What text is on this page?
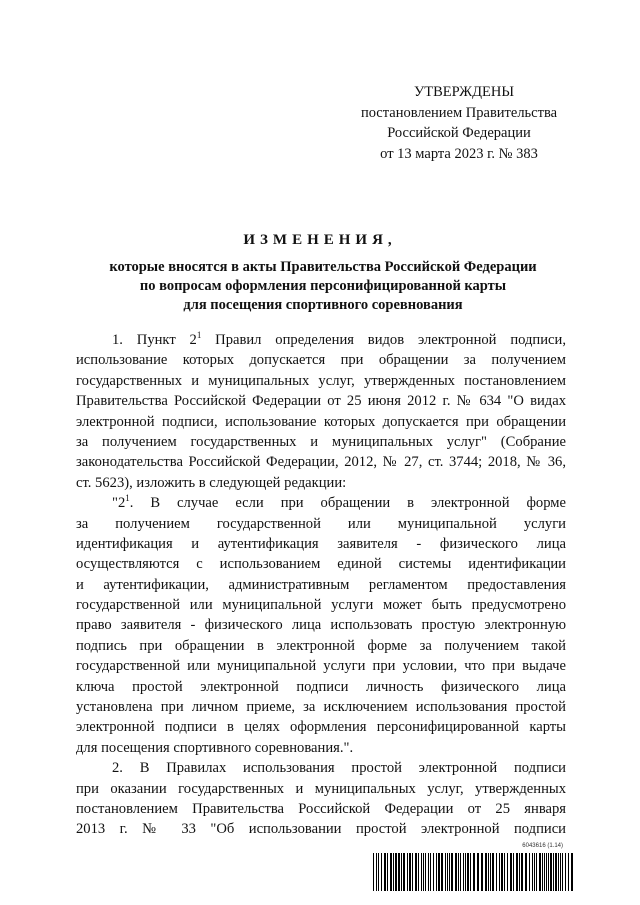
УТВЕРЖДЕНЫ
постановлением Правительства
Российской Федерации
от 13 марта 2023 г. № 383
ИЗМЕНЕНИЯ,
которые вносятся в акты Правительства Российской Федерации
по вопросам оформления персонифицированной карты
для посещения спортивного соревнования
1. Пункт $2^1$ Правил определения видов электронной подписи,
использование которых допускается при обращении за получением
государственных и муниципальных услуг, утвержденных постановлением
Правительства Российской Федерации от 25 июня 2012 г. № 634 "О видах
электронной подписи, использование которых допускается при обращении
за получением государственных и муниципальных услуг" (Собрание
законодательства Российской Федерации, 2012, № 27, ст. 3744; 2018, № 36,
ст. 5623), изложить в следующей редакции:
"$2^1$. В случае если при обращении в электронной форме
за получением государственной или муниципальной услуги
идентификация и аутентификация заявителя - физического лица
осуществляются с использованием единой системы идентификации
и аутентификации, административным регламентом предоставления
государственной или муниципальной услуги может быть предусмотрено
право заявителя - физического лица использовать простую электронную
подпись при обращении в электронной форме за получением такой
государственной или муниципальной услуги при условии, что при выдаче
ключа простой электронной подписи личность физического лица
установлена при личном приеме, за исключением использования простой
электронной подписи в целях оформления персонифицированной карты
для посещения спортивного соревнования.".
2. В Правилах использования простой электронной подписи
при оказании государственных и муниципальных услуг, утвержденных
постановлением Правительства Российской Федерации от 25 января
2013 г. № 33 "Об использовании простой электронной подписи
6043616 (1.14)
